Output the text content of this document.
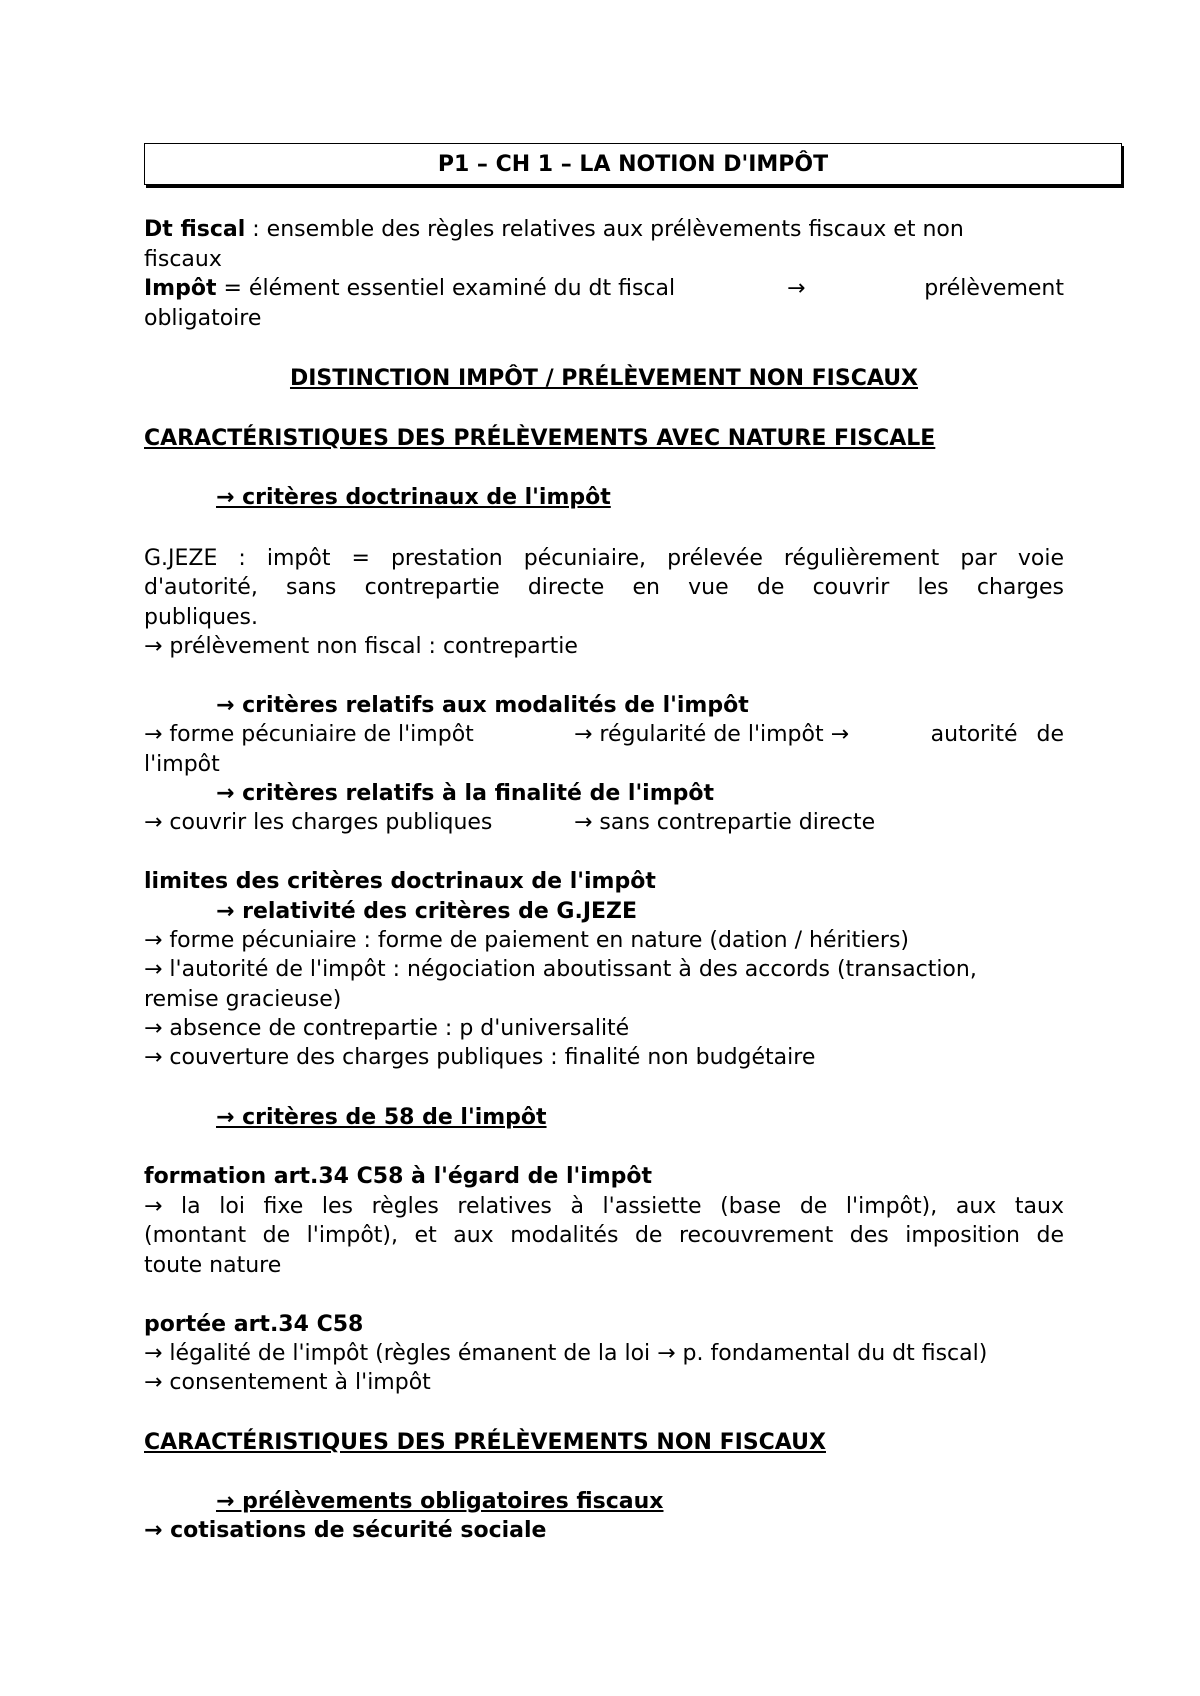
P1 – CH 1 – LA NOTION D'IMPÔT
Dt fiscal : ensemble des règles relatives aux prélèvements fiscaux et non
fiscaux
Impôt = élément essentiel examiné du dt fiscal	→	prélèvement
obligatoire
DISTINCTION IMPÔT / PRÉLÈVEMENT NON FISCAUX
CARACTÉRISTIQUES DES PRÉLÈVEMENTS AVEC NATURE FISCALE
→ critères doctrinaux de l'impôt
G.JEZE : impôt = prestation pécuniaire, prélevée régulièrement par voie
d'autorité, sans contrepartie directe en vue de couvrir les charges
publiques.
→ prélèvement non fiscal : contrepartie
→ critères relatifs aux modalités de l'impôt
→ forme pécuniaire de l'impôt	→ régularité de l'impôt →	autorité de
l'impôt
→ critères relatifs à la finalité de l'impôt
→ couvrir les charges publiques	→ sans contrepartie directe
limites des critères doctrinaux de l'impôt
→ relativité des critères de G.JEZE
→ forme pécuniaire : forme de paiement en nature (dation / héritiers)
→ l'autorité de l'impôt : négociation aboutissant à des accords (transaction,
remise gracieuse)
→ absence de contrepartie : p d'universalité
→ couverture des charges publiques : finalité non budgétaire
→ critères de 58 de l'impôt
formation art.34 C58 à l'égard de l'impôt
→ la loi fixe les règles relatives à l'assiette (base de l'impôt), aux taux
(montant de l'impôt), et aux modalités de recouvrement des imposition de
toute nature
portée art.34 C58
→ légalité de l'impôt (règles émanent de la loi → p. fondamental du dt fiscal)
→ consentement à l'impôt
CARACTÉRISTIQUES DES PRÉLÈVEMENTS NON FISCAUX
→ prélèvements obligatoires fiscaux
→ cotisations de sécurité sociale
